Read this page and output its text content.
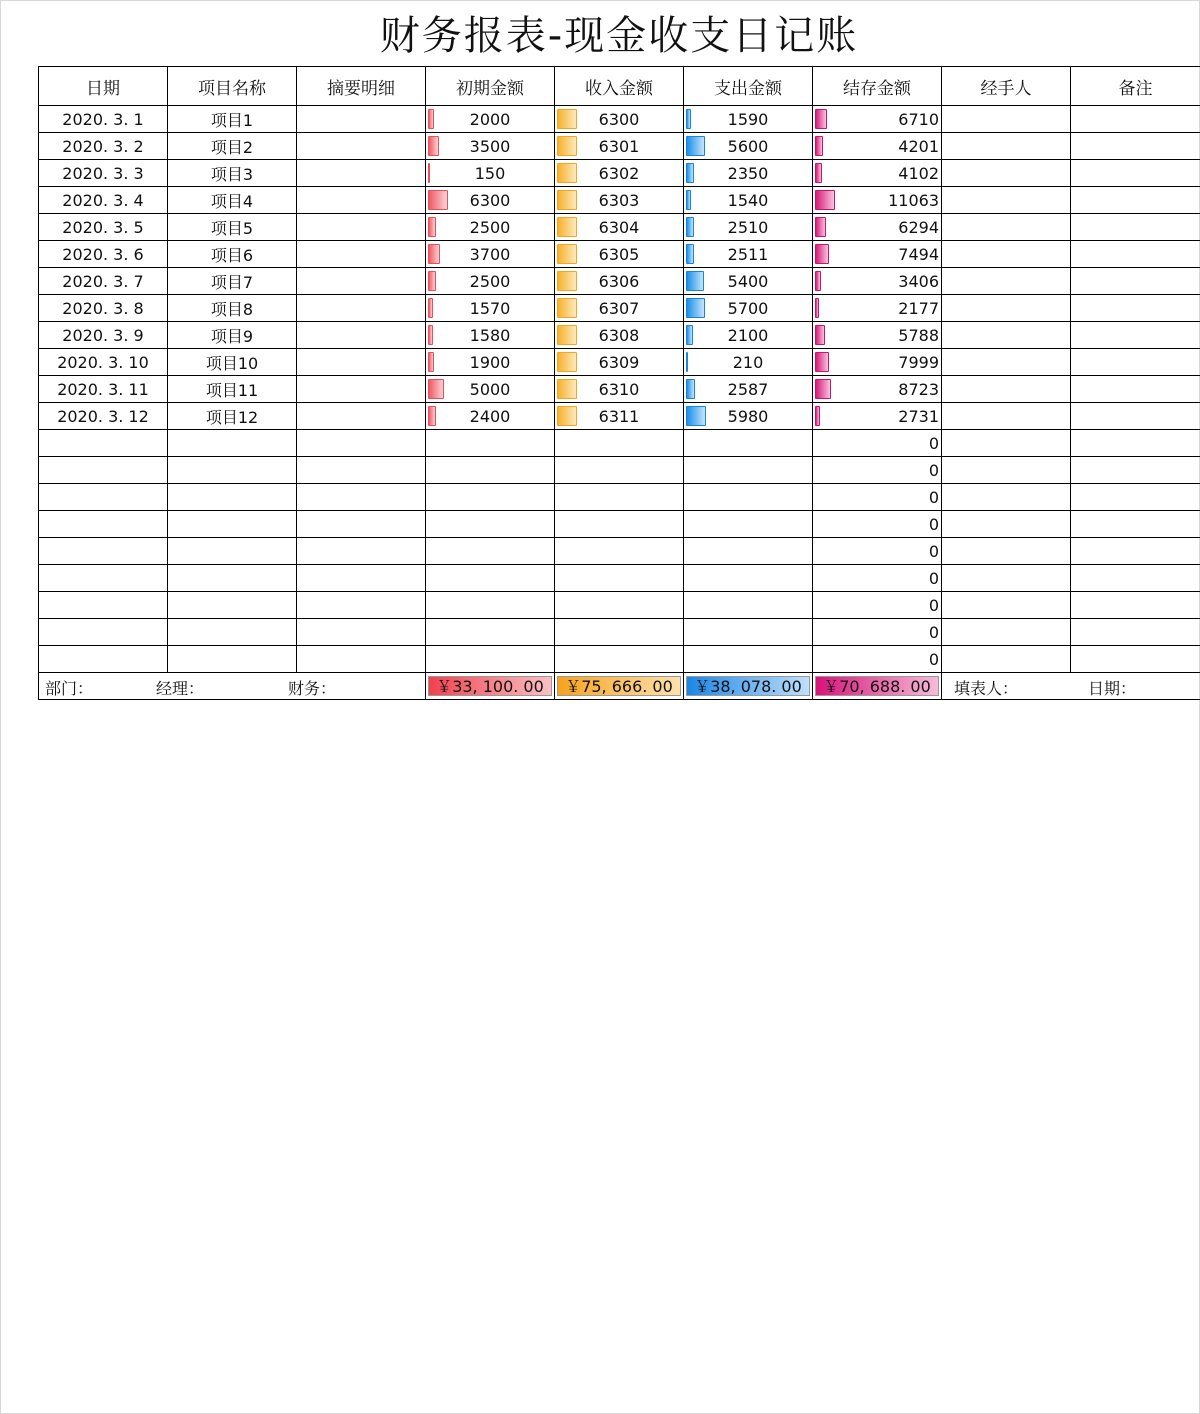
财务报表-现金收支日记账
日期	项目名称	摘要明细	初期金额	收入金额	支出金额	结存金额	经手人	备注
2020. 3. 1	项目1		2000	6300	1590	6710		
2020. 3. 2	项目2		3500	6301	5600	4201		
2020. 3. 3	项目3		150	6302	2350	4102		
2020. 3. 4	项目4		6300	6303	1540	11063		
2020. 3. 5	项目5		2500	6304	2510	6294		
2020. 3. 6	项目6		3700	6305	2511	7494		
2020. 3. 7	项目7		2500	6306	5400	3406		
2020. 3. 8	项目8		1570	6307	5700	2177		
2020. 3. 9	项目9		1580	6308	2100	5788		
2020. 3. 10	项目10		1900	6309	210	7999		
2020. 3. 11	项目11		5000	6310	2587	8723		
2020. 3. 12	项目12		2400	6311	5980	2731		
						0		
						0		
						0		
						0		
						0		
						0		
						0		
						0		
						0		

部门： 经理： 财务：			￥33, 100. 00	￥75, 666. 00	￥38, 078. 00	￥70, 688. 00	填表人： 日期：	
